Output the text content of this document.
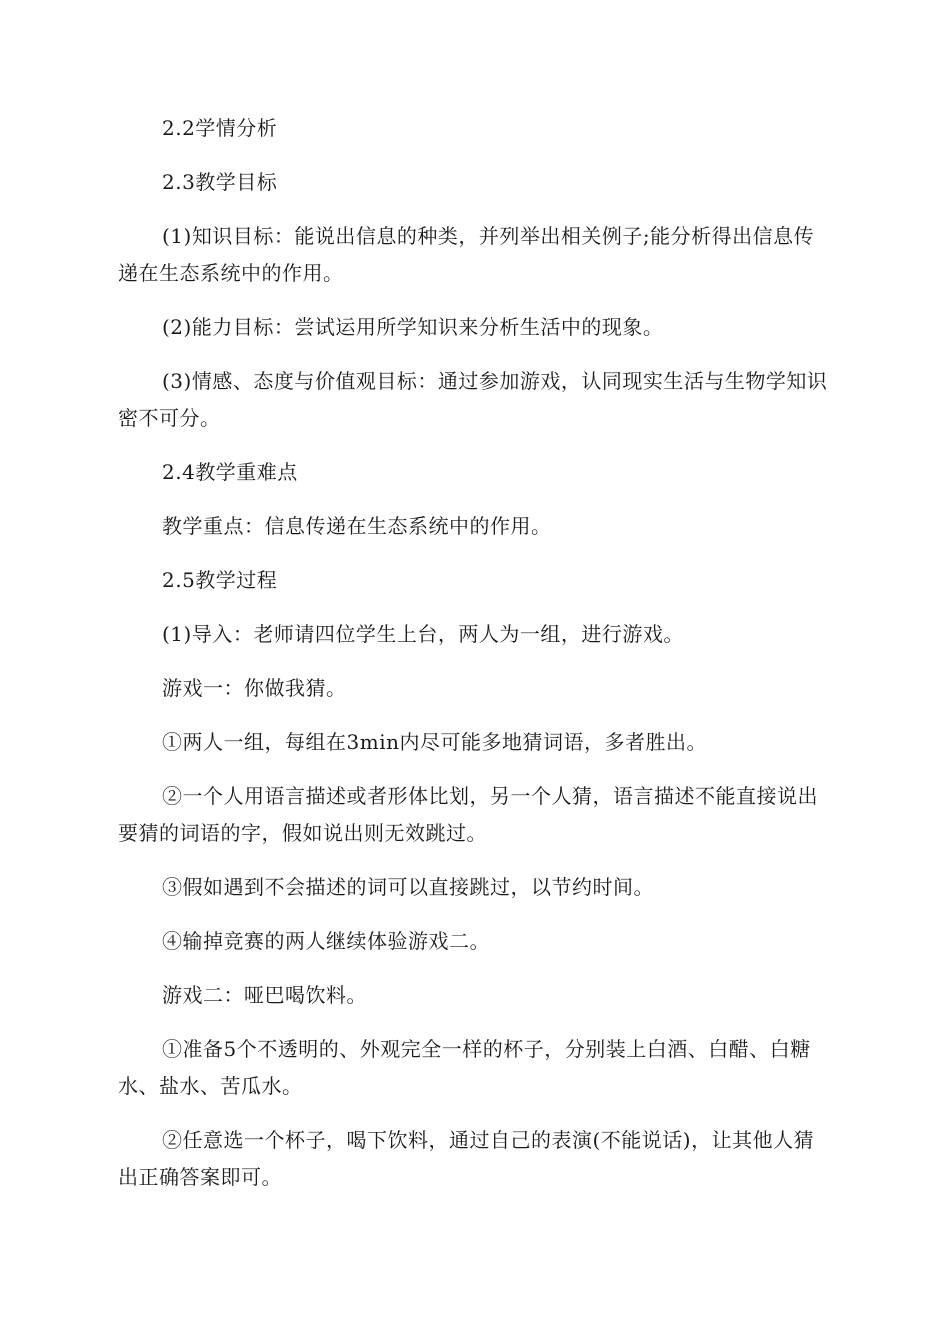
2.2学情分析

2.3教学目标

(1)知识目标：能说出信息的种类，并列举出相关例子;能分析得出信息传递在生态系统中的作用。

(2)能力目标：尝试运用所学知识来分析生活中的现象。

(3)情感、态度与价值观目标：通过参加游戏，认同现实生活与生物学知识密不可分。

2.4教学重难点

教学重点：信息传递在生态系统中的作用。

2.5教学过程

(1)导入：老师请四位学生上台，两人为一组，进行游戏。

游戏一：你做我猜。

①两人一组，每组在3min内尽可能多地猜词语，多者胜出。

②一个人用语言描述或者形体比划，另一个人猜，语言描述不能直接说出要猜的词语的字，假如说出则无效跳过。

③假如遇到不会描述的词可以直接跳过，以节约时间。

④输掉竞赛的两人继续体验游戏二。

游戏二：哑巴喝饮料。

①准备5个不透明的、外观完全一样的杯子，分别装上白酒、白醋、白糖水、盐水、苦瓜水。

②任意选一个杯子，喝下饮料，通过自己的表演(不能说话)，让其他人猜出正确答案即可。
